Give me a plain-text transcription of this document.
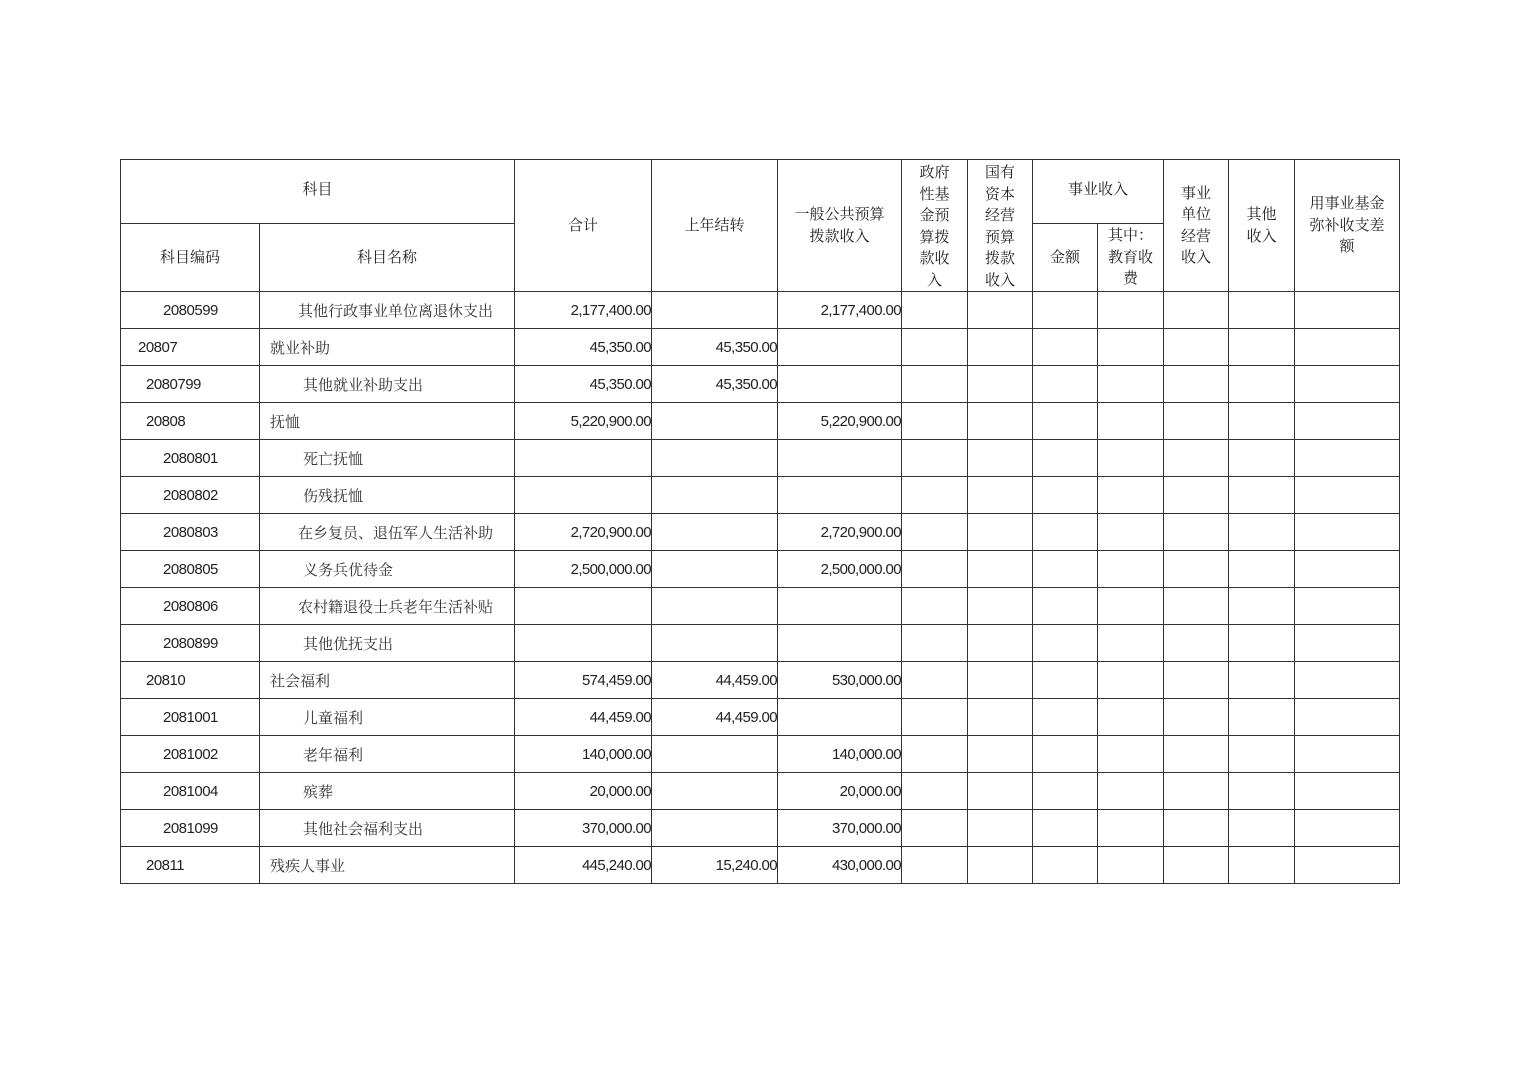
科目		合计	上年结转	一般公共预算拨款收入	政府性基金预算拨款收入	国有资本经营预算拨款收入	事业收入		事业单位经营收入	其他收入	用事业基金弥补收支差额
科目编码	科目名称						金额	其中：教育收费			
2080599	其他行政事业单位离退休支出	2,177,400.00		2,177,400.00							
20807	就业补助	45,350.00	45,350.00								
2080799	其他就业补助支出	45,350.00	45,350.00								
20808	抚恤	5,220,900.00		5,220,900.00							
2080801	死亡抚恤										
2080802	伤残抚恤										
2080803	在乡复员、退伍军人生活补助	2,720,900.00		2,720,900.00							
2080805	义务兵优待金	2,500,000.00		2,500,000.00							
2080806	农村籍退役士兵老年生活补贴										
2080899	其他优抚支出										
20810	社会福利	574,459.00	44,459.00	530,000.00							
2081001	儿童福利	44,459.00	44,459.00								
2081002	老年福利	140,000.00		140,000.00							
2081004	殡葬	20,000.00		20,000.00							
2081099	其他社会福利支出	370,000.00		370,000.00							
20811	残疾人事业	445,240.00	15,240.00	430,000.00							
